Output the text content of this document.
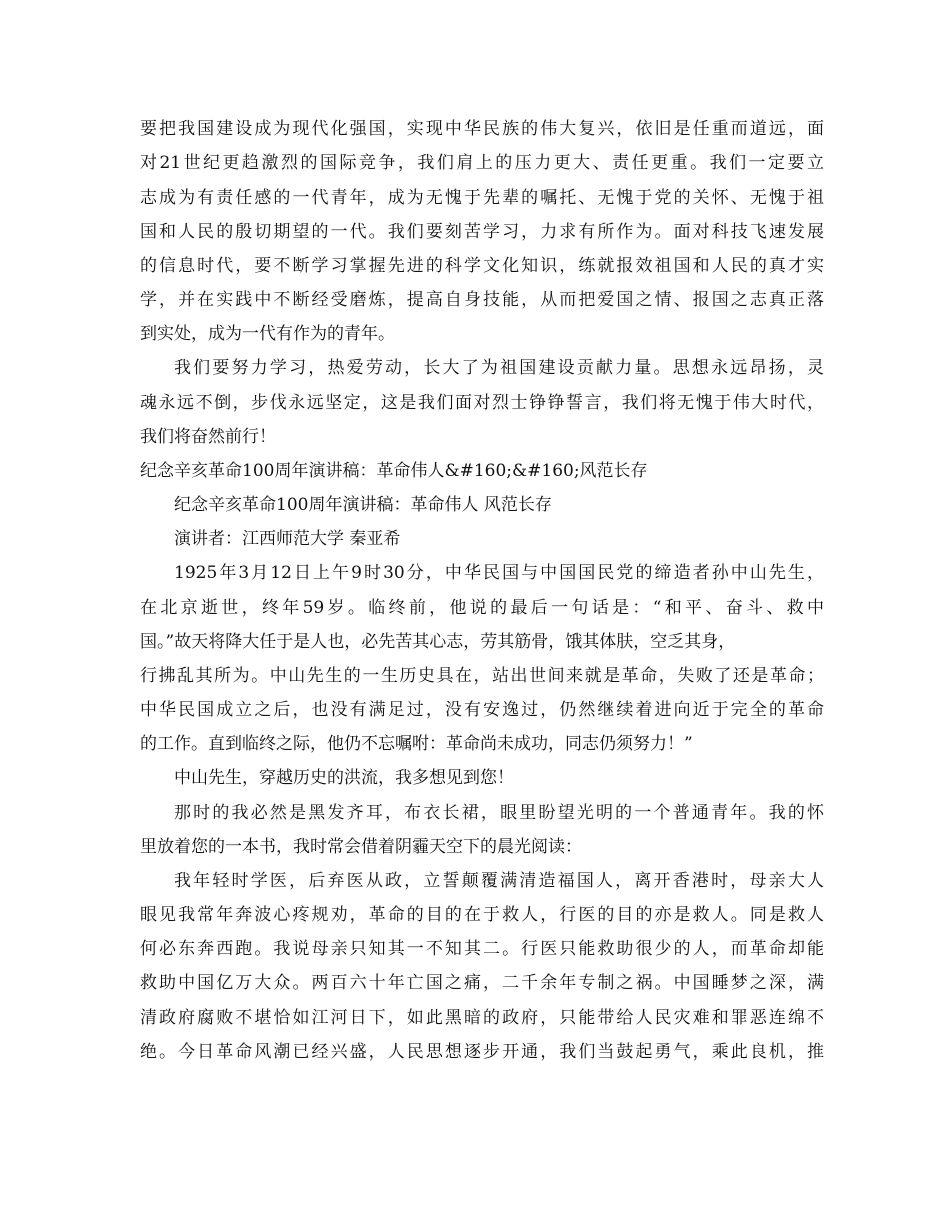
要把我国建设成为现代化强国，实现中华民族的伟大复兴，依旧是任重而道远，面
对21世纪更趋激烈的国际竞争，我们肩上的压力更大、责任更重。我们一定要立
志成为有责任感的一代青年，成为无愧于先辈的嘱托、无愧于党的关怀、无愧于祖
国和人民的殷切期望的一代。我们要刻苦学习，力求有所作为。面对科技飞速发展
的信息时代，要不断学习掌握先进的科学文化知识，练就报效祖国和人民的真才实
学，并在实践中不断经受磨炼，提高自身技能，从而把爱国之情、报国之志真正落
到实处，成为一代有作为的青年。
我们要努力学习，热爱劳动，长大了为祖国建设贡献力量。思想永远昂扬，灵
魂永远不倒，步伐永远坚定，这是我们面对烈士铮铮誓言，我们将无愧于伟大时代，
我们将奋然前行！
纪念辛亥革命100周年演讲稿：革命伟人&#160;&#160;风范长存
纪念辛亥革命100周年演讲稿：革命伟人 风范长存
演讲者：江西师范大学 秦亚希
1925年3月12日上午9时30分，中华民国与中国国民党的缔造者孙中山先生，
在北京逝世，终年59岁。临终前，他说的最后一句话是：“和平、奋斗、救中
国。”故天将降大任于是人也，必先苦其心志，劳其筋骨，饿其体肤，空乏其身，
行拂乱其所为。中山先生的一生历史具在，站出世间来就是革命，失败了还是革命；
中华民国成立之后，也没有满足过，没有安逸过，仍然继续着进向近于完全的革命
的工作。直到临终之际，他仍不忘嘱咐：革命尚未成功，同志仍须努力！”
中山先生，穿越历史的洪流，我多想见到您！
那时的我必然是黑发齐耳，布衣长裙，眼里盼望光明的一个普通青年。我的怀
里放着您的一本书，我时常会借着阴霾天空下的晨光阅读：
我年轻时学医，后弃医从政，立誓颠覆满清造福国人，离开香港时，母亲大人
眼见我常年奔波心疼规劝，革命的目的在于救人，行医的目的亦是救人。同是救人
何必东奔西跑。我说母亲只知其一不知其二。行医只能救助很少的人，而革命却能
救助中国亿万大众。两百六十年亡国之痛，二千余年专制之祸。中国睡梦之深，满
清政府腐败不堪恰如江河日下，如此黑暗的政府，只能带给人民灾难和罪恶连绵不
绝。今日革命风潮已经兴盛，人民思想逐步开通，我们当鼓起勇气，乘此良机，推
